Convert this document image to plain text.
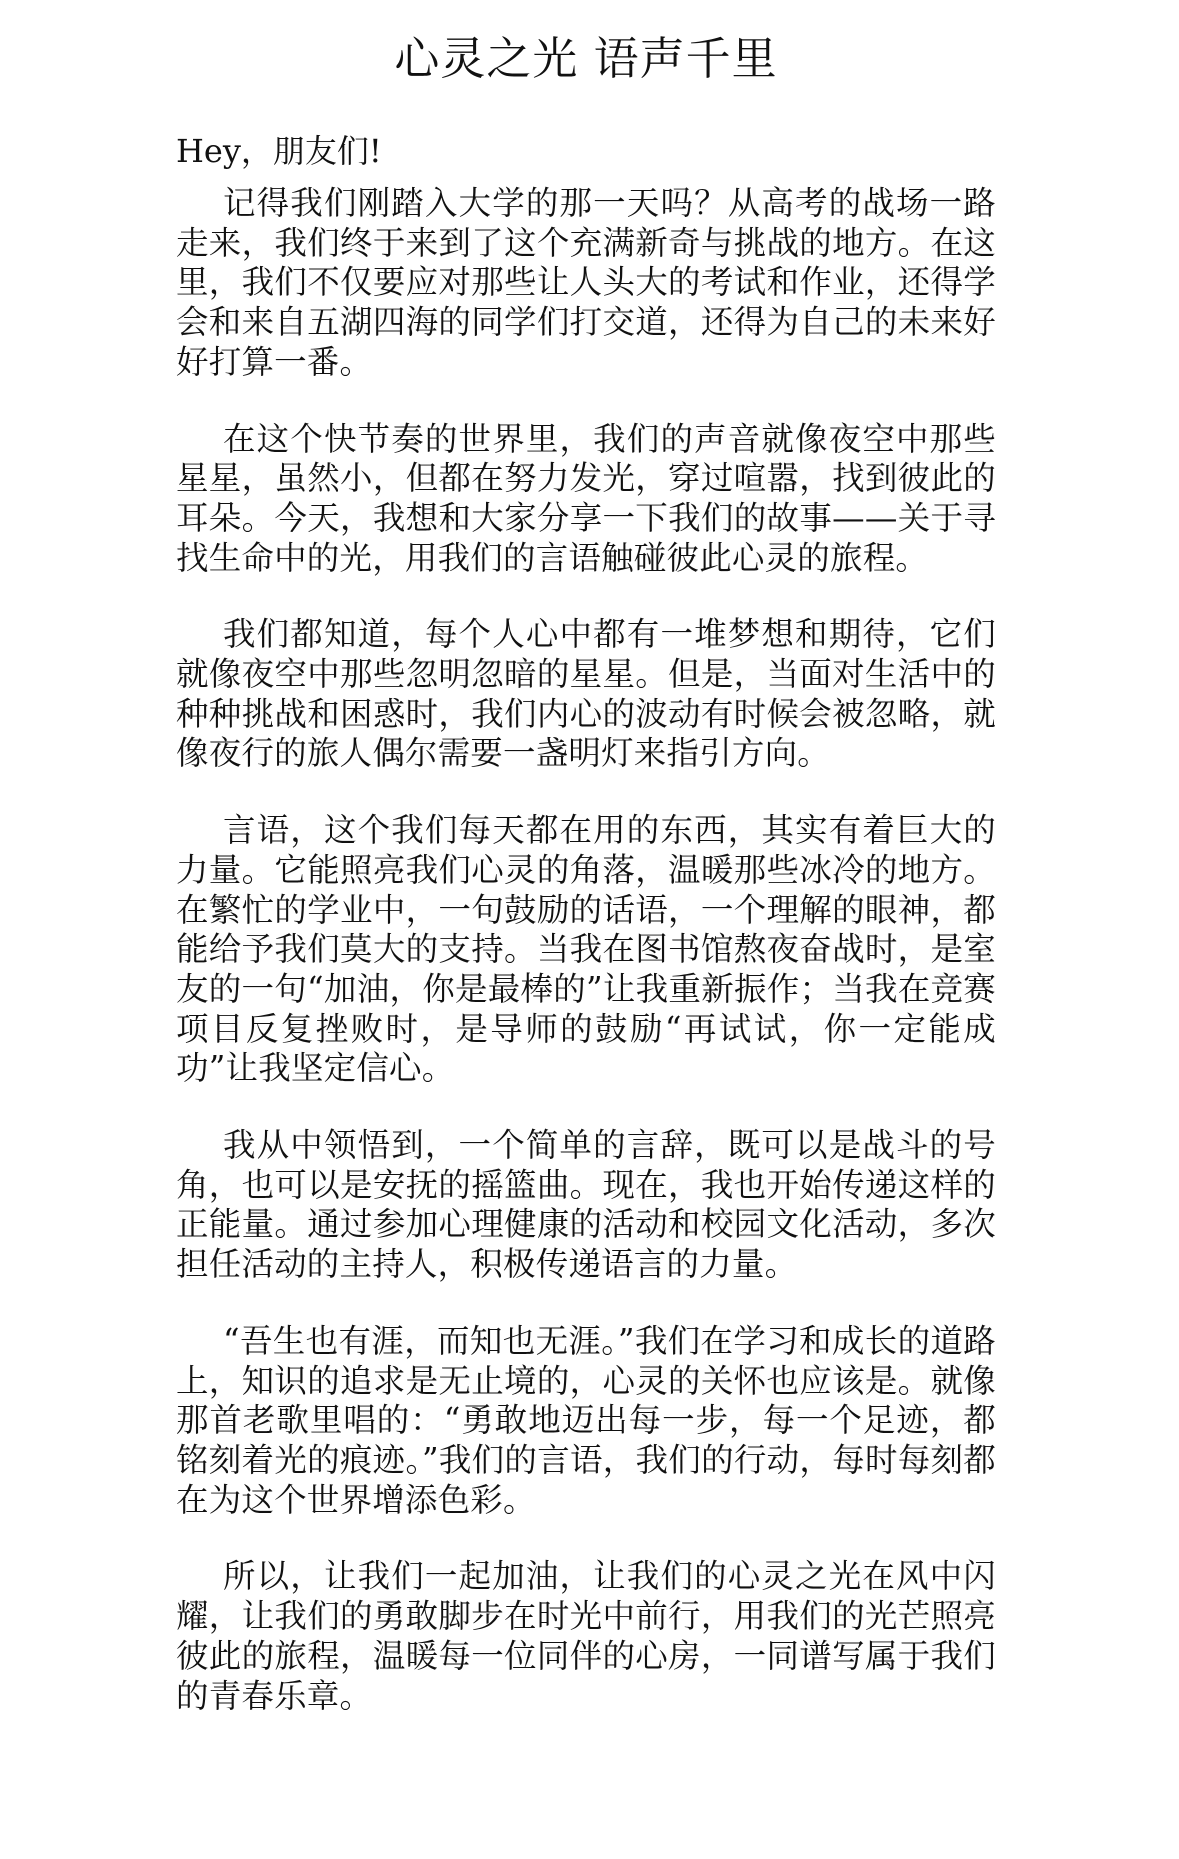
心灵之光 语声千里

Hey，朋友们!

记得我们刚踏入大学的那一天吗？从高考的战场一路走来，我们终于来到了这个充满新奇与挑战的地方。在这里，我们不仅要应对那些让人头大的考试和作业，还得学会和来自五湖四海的同学们打交道，还得为自己的未来好好打算一番。

在这个快节奏的世界里，我们的声音就像夜空中那些星星，虽然小，但都在努力发光，穿过喧嚣，找到彼此的耳朵。今天，我想和大家分享一下我们的故事——关于寻找生命中的光，用我们的言语触碰彼此心灵的旅程。

我们都知道，每个人心中都有一堆梦想和期待，它们就像夜空中那些忽明忽暗的星星。但是，当面对生活中的种种挑战和困惑时，我们内心的波动有时候会被忽略，就像夜行的旅人偶尔需要一盏明灯来指引方向。

言语，这个我们每天都在用的东西，其实有着巨大的力量。它能照亮我们心灵的角落，温暖那些冰冷的地方。在繁忙的学业中，一句鼓励的话语，一个理解的眼神，都能给予我们莫大的支持。当我在图书馆熬夜奋战时，是室友的一句“加油，你是最棒的”让我重新振作；当我在竞赛项目反复挫败时，是导师的鼓励“再试试，你一定能成功”让我坚定信心。

我从中领悟到，一个简单的言辞，既可以是战斗的号角，也可以是安抚的摇篮曲。现在，我也开始传递这样的正能量。通过参加心理健康的活动和校园文化活动，多次担任活动的主持人，积极传递语言的力量。

“吾生也有涯，而知也无涯。”我们在学习和成长的道路上，知识的追求是无止境的，心灵的关怀也应该是。就像那首老歌里唱的：“勇敢地迈出每一步，每一个足迹，都铭刻着光的痕迹。”我们的言语，我们的行动，每时每刻都在为这个世界增添色彩。

所以，让我们一起加油，让我们的心灵之光在风中闪耀，让我们的勇敢脚步在时光中前行，用我们的光芒照亮彼此的旅程，温暖每一位同伴的心房，一同谱写属于我们的青春乐章。
